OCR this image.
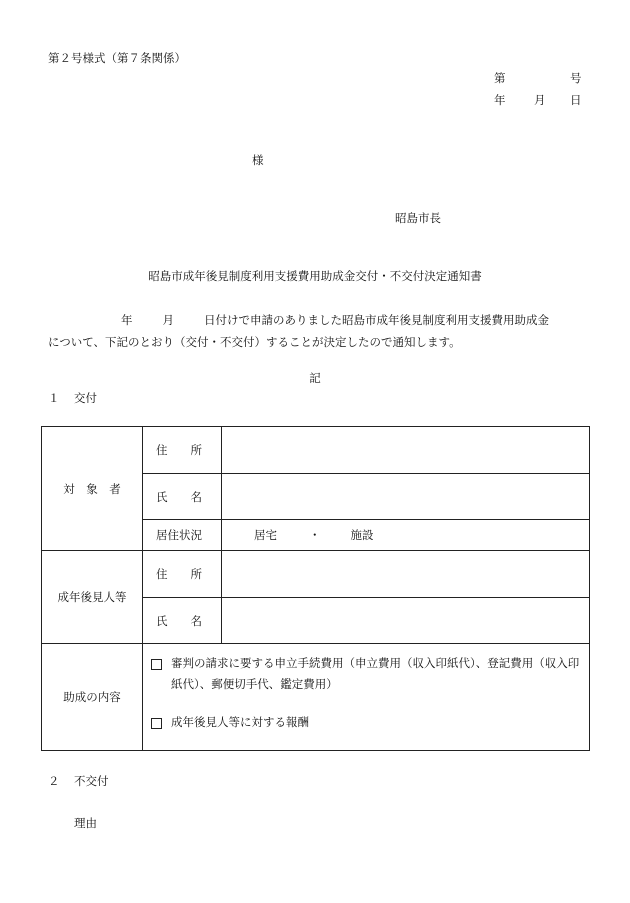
第２号様式（第７条関係）
第	号
年 月 日
様
昭島市長
昭島市成年後見制度利用支援費用助成金交付・不交付決定通知書
年	月	日付けで申請のありました昭島市成年後見制度利用支援費用助成金
について、下記のとおり（交付・不交付）することが決定したので通知します。
記
１ 交付
対　象　者	住　　所	
	氏　　名	
	居住状況	居宅 ・ 施設
成年後見人等	住　　所	
	氏　　名	
助成の内容	審判の請求に要する申立手続費用（申立費用（収入印紙代）、登記費用（収入印紙代）、郵便切手代、鑑定費用）
成年後見人等に対する報酬	
２ 不交付
理由
